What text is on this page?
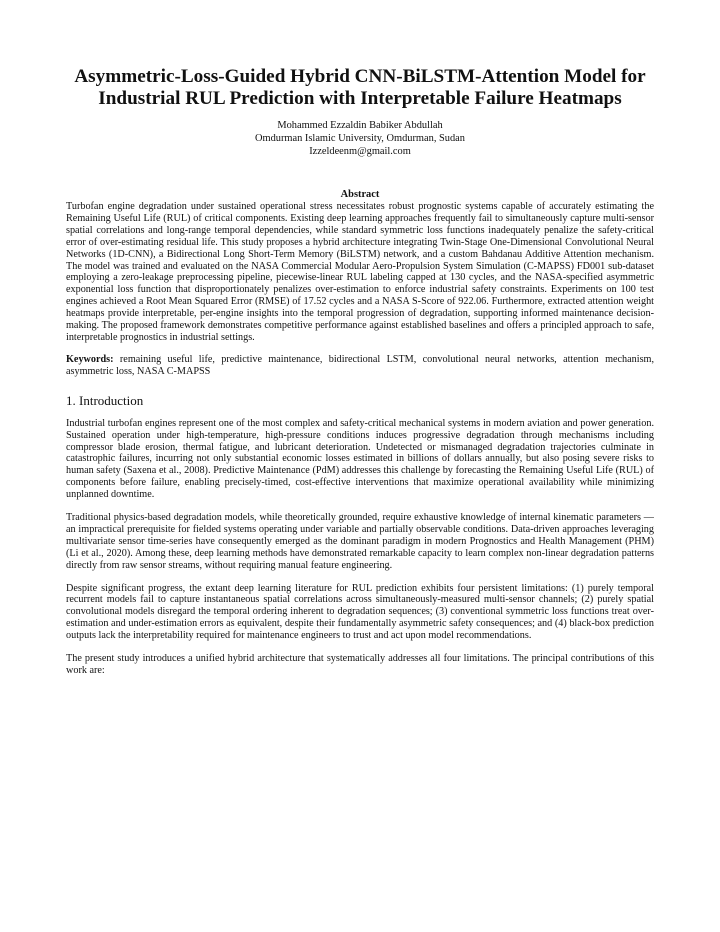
Asymmetric-Loss-Guided Hybrid CNN-BiLSTM-Attention Model for
Industrial RUL Prediction with Interpretable Failure Heatmaps
Mohammed Ezzaldin Babiker Abdullah
Omdurman Islamic University, Omdurman, Sudan
Izzeldeenm@gmail.com
Abstract

Turbofan engine degradation under sustained operational stress necessitates robust prognostic systems capable of accurately estimating the Remaining Useful Life (RUL) of critical components. Existing deep learning approaches frequently fail to simultaneously capture multi-sensor spatial correlations and long-range temporal dependencies, while standard symmetric loss functions inadequately penalize the safety-critical error of over-estimating residual life. This study proposes a hybrid architecture integrating Twin-Stage One-Dimensional Convolutional Neural Networks (1D-CNN), a Bidirectional Long Short-Term Memory (BiLSTM) network, and a custom Bahdanau Additive Attention mechanism. The model was trained and evaluated on the NASA Commercial Modular Aero-Propulsion System Simulation (C-MAPSS) FD001 sub-dataset employing a zero-leakage preprocessing pipeline, piecewise-linear RUL labeling capped at 130 cycles, and the NASA-specified asymmetric exponential loss function that disproportionately penalizes over-estimation to enforce industrial safety constraints. Experiments on 100 test engines achieved a Root Mean Squared Error (RMSE) of 17.52 cycles and a NASA S-Score of 922.06. Furthermore, extracted attention weight heatmaps provide interpretable, per-engine insights into the temporal progression of degradation, supporting informed maintenance decision-making. The proposed framework demonstrates competitive performance against established baselines and offers a principled approach to safe, interpretable prognostics in industrial settings.

Keywords: remaining useful life, predictive maintenance, bidirectional LSTM, convolutional neural networks, attention mechanism, asymmetric loss, NASA C-MAPSS

1. Introduction

Industrial turbofan engines represent one of the most complex and safety-critical mechanical systems in modern aviation and power generation. Sustained operation under high-temperature, high-pressure conditions induces progressive degradation through mechanisms including compressor blade erosion, thermal fatigue, and lubricant deterioration. Undetected or mismanaged degradation trajectories culminate in catastrophic failures, incurring not only substantial economic losses estimated in billions of dollars annually, but also posing severe risks to human safety (Saxena et al., 2008). Predictive Maintenance (PdM) addresses this challenge by forecasting the Remaining Useful Life (RUL) of components before failure, enabling precisely-timed, cost-effective interventions that maximize operational availability while minimizing unplanned downtime.

Traditional physics-based degradation models, while theoretically grounded, require exhaustive knowledge of internal kinematic parameters — an impractical prerequisite for fielded systems operating under variable and partially observable conditions. Data-driven approaches leveraging multivariate sensor time-series have consequently emerged as the dominant paradigm in modern Prognostics and Health Management (PHM) (Li et al., 2020). Among these, deep learning methods have demonstrated remarkable capacity to learn complex non-linear degradation patterns directly from raw sensor streams, without requiring manual feature engineering.

Despite significant progress, the extant deep learning literature for RUL prediction exhibits four persistent limitations: (1) purely temporal recurrent models fail to capture instantaneous spatial correlations across simultaneously-measured multi-sensor channels; (2) purely spatial convolutional models disregard the temporal ordering inherent to degradation sequences; (3) conventional symmetric loss functions treat over-estimation and under-estimation errors as equivalent, despite their fundamentally asymmetric safety consequences; and (4) black-box prediction outputs lack the interpretability required for maintenance engineers to trust and act upon model recommendations.

The present study introduces a unified hybrid architecture that systematically addresses all four limitations. The principal contributions of this work are:
